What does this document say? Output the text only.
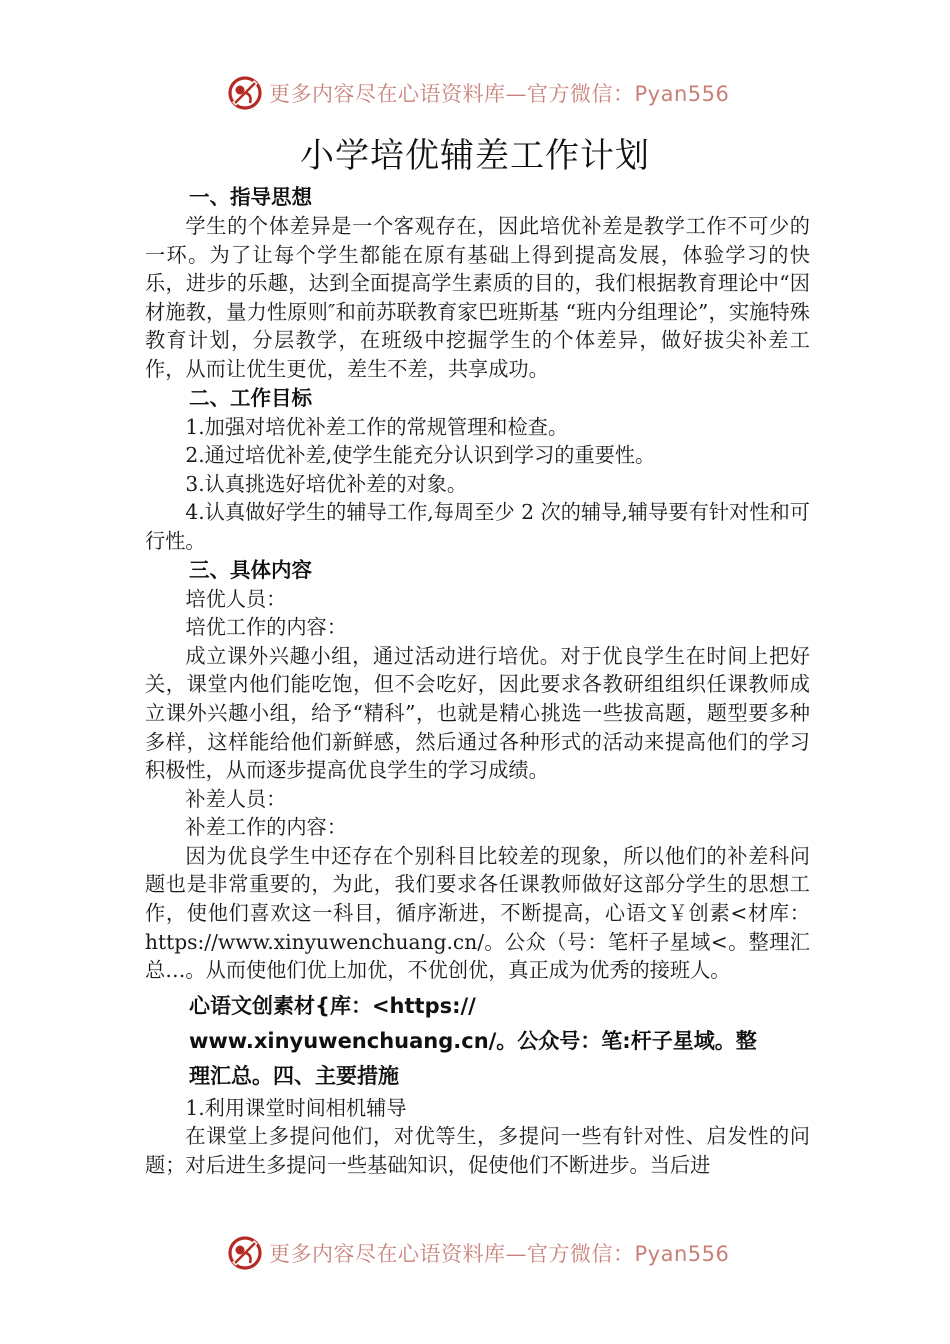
更多内容尽在心语资料库—官方微信：Pyan556
小学培优辅差工作计划

一、指导思想

学生的个体差异是一个客观存在，因此培优补差是教学工作不可少的一环。为了让每个学生都能在原有基础上得到提高发展，体验学习的快乐，进步的乐趣，达到全面提高学生素质的目的，我们根据教育理论中“因材施教，量力性原则″和前苏联教育家巴班斯基 “班内分组理论”，实施特殊教育计划，分层教学，在班级中挖掘学生的个体差异，做好拔尖补差工作，从而让优生更优，差生不差，共享成功。

二、工作目标

1.加强对培优补差工作的常规管理和检查。

2.通过培优补差,使学生能充分认识到学习的重要性。

3.认真挑选好培优补差的对象。

4.认真做好学生的辅导工作,每周至少 2 次的辅导,辅导要有针对性和可行性。

三、具体内容

培优人员：

培优工作的内容：

成立课外兴趣小组，通过活动进行培优。对于优良学生在时间上把好关，课堂内他们能吃饱，但不会吃好，因此要求各教研组组织任课教师成立课外兴趣小组，给予“精科”，也就是精心挑选一些拔高题，题型要多种多样，这样能给他们新鲜感，然后通过各种形式的活动来提高他们的学习积极性，从而逐步提高优良学生的学习成绩。

补差人员：

补差工作的内容：

因为优良学生中还存在个别科目比较差的现象，所以他们的补差科问题也是非常重要的，为此，我们要求各任课教师做好这部分学生的思想工作，使他们喜欢这一科目，循序渐进，不断提高，心语文￥创素<材库：https://www.xinyuwenchuang.cn/。公众（号：笔杆子星域<。整理汇总…。从而使他们优上加优，不优创优，真正成为优秀的接班人。

心语文创素材{库：<https://
www.xinyuwenchuang.cn/。公众号：笔:杆子星域。整
理汇总。四、主要措施

1.利用课堂时间相机辅导

在课堂上多提问他们，对优等生，多提问一些有针对性、启发性的问题；对后进生多提问一些基础知识，促使他们不断进步。当后进

更多内容尽在心语资料库—官方微信：Pyan556
